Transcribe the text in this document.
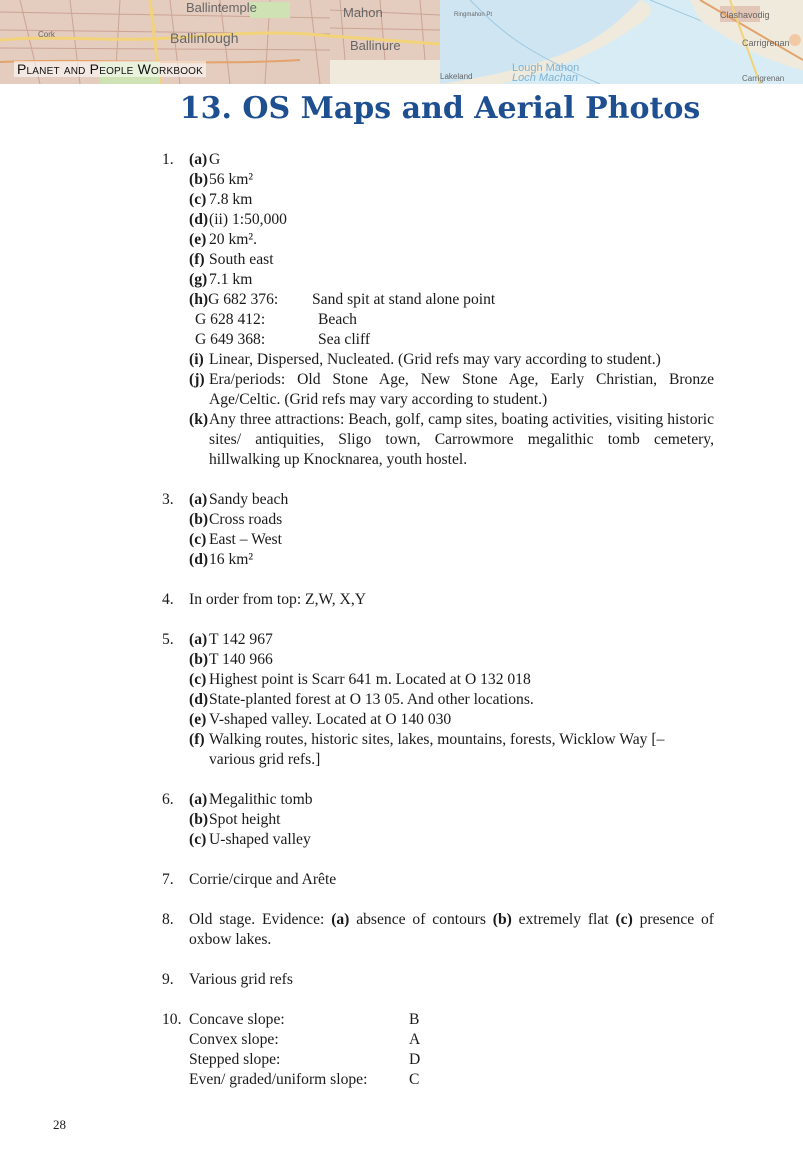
Ballintemple	Mahon
Ballinlough	Ballinure
Lough Mahon
Loch Machan
Lakeland
Ringmahon Pt	Clashavodig
Carrigrenan
Carrigrenan
Cork
Planet and People Workbook
13. OS Maps and Aerial Photos
1. (a) G
(b) 56 km²
(c) 7.8 km
(d) (ii) 1:50,000
(e) 20 km².
(f) South east
(g) 7.1 km
(h)G 682 376:	Sand spit at stand alone point
G 628 412:	Beach
G 649 368:	Sea cliff
(i) Linear, Dispersed, Nucleated. (Grid refs may vary according to student.)
(j) Era/periods: Old Stone Age, New Stone Age, Early Christian, Bronze Age/Celtic. (Grid refs may vary according to student.)
(k) Any three attractions: Beach, golf, camp sites, boating activities, visiting historic sites/ antiquities, Sligo town, Carrowmore megalithic tomb cemetery, hillwalking up Knocknarea, youth hostel.
3. (a) Sandy beach
(b) Cross roads
(c) East – West
(d) 16 km²
4. In order from top: Z,W, X,Y
5. (a) T 142 967
(b) T 140 966
(c) Highest point is Scarr 641 m. Located at O 132 018
(d) State-planted forest at O 13 05. And other locations.
(e) V-shaped valley. Located at O 140 030
(f) Walking routes, historic sites, lakes, mountains, forests, Wicklow Way [– various grid refs.]
6. (a) Megalithic tomb
(b) Spot height
(c) U-shaped valley
7. Corrie/cirque and Arête
8. Old stage. Evidence: (a) absence of contours (b) extremely flat (c) presence of oxbow lakes.
9. Various grid refs
10. Concave slope:	B
Convex slope:	A
Stepped slope:	D
Even/ graded/uniform slope:	C
28
